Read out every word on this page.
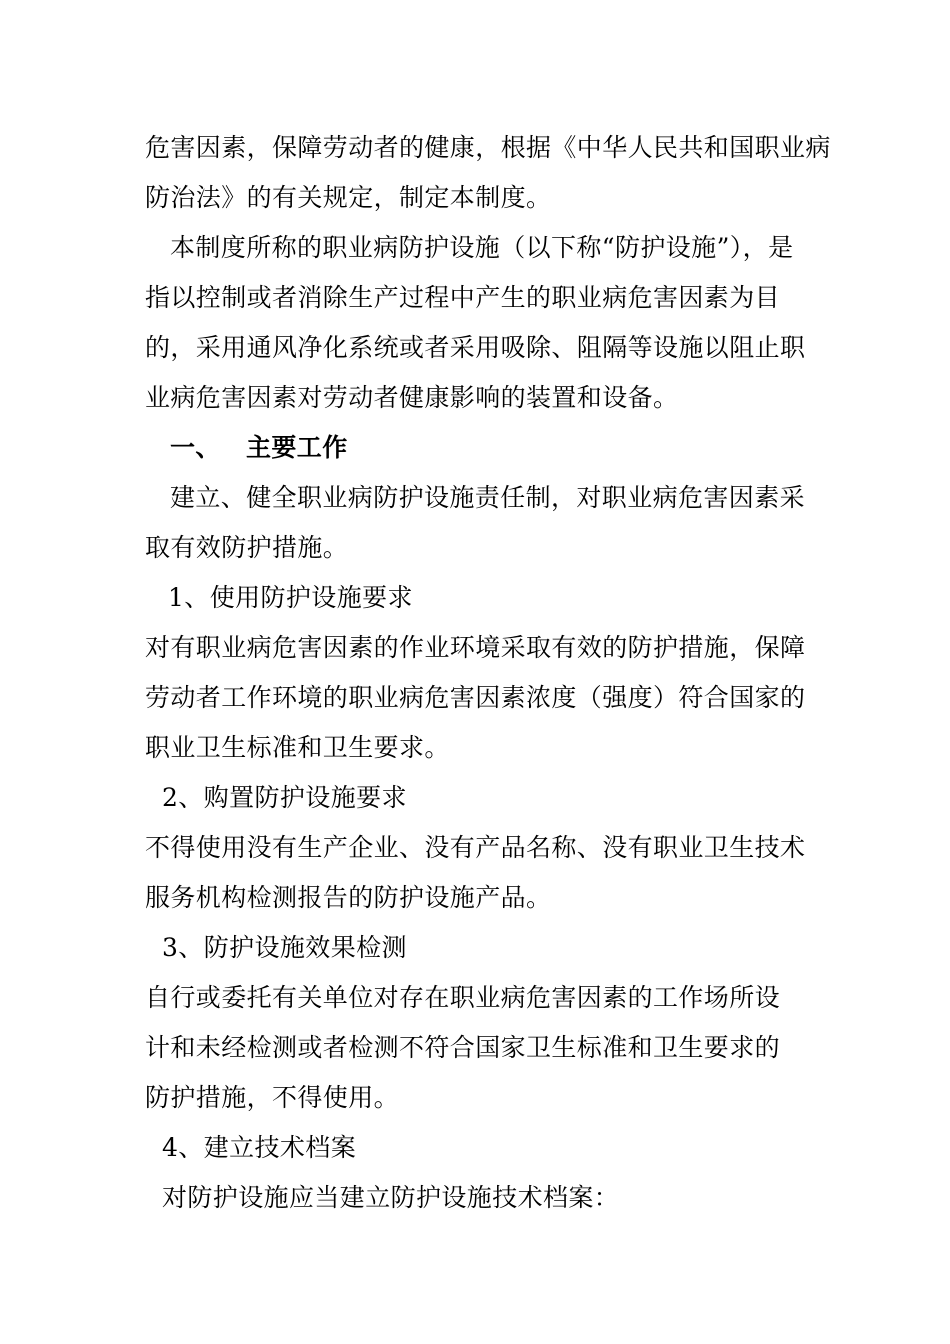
危害因素，保障劳动者的健康，根据《中华人民共和国职业病
防治法》的有关规定，制定本制度。
本制度所称的职业病防护设施（以下称“防护设施”），是
指以控制或者消除生产过程中产生的职业病危害因素为目
的，采用通风净化系统或者采用吸除、阻隔等设施以阻止职
业病危害因素对劳动者健康影响的装置和设备。
一、 主要工作
建立、健全职业病防护设施责任制，对职业病危害因素采
取有效防护措施。
1、使用防护设施要求
对有职业病危害因素的作业环境采取有效的防护措施，保障
劳动者工作环境的职业病危害因素浓度（强度）符合国家的
职业卫生标准和卫生要求。
2、购置防护设施要求
不得使用没有生产企业、没有产品名称、没有职业卫生技术
服务机构检测报告的防护设施产品。
3、防护设施效果检测
自行或委托有关单位对存在职业病危害因素的工作场所设
计和未经检测或者检测不符合国家卫生标准和卫生要求的
防护措施，不得使用。
4、建立技术档案
对防护设施应当建立防护设施技术档案：
